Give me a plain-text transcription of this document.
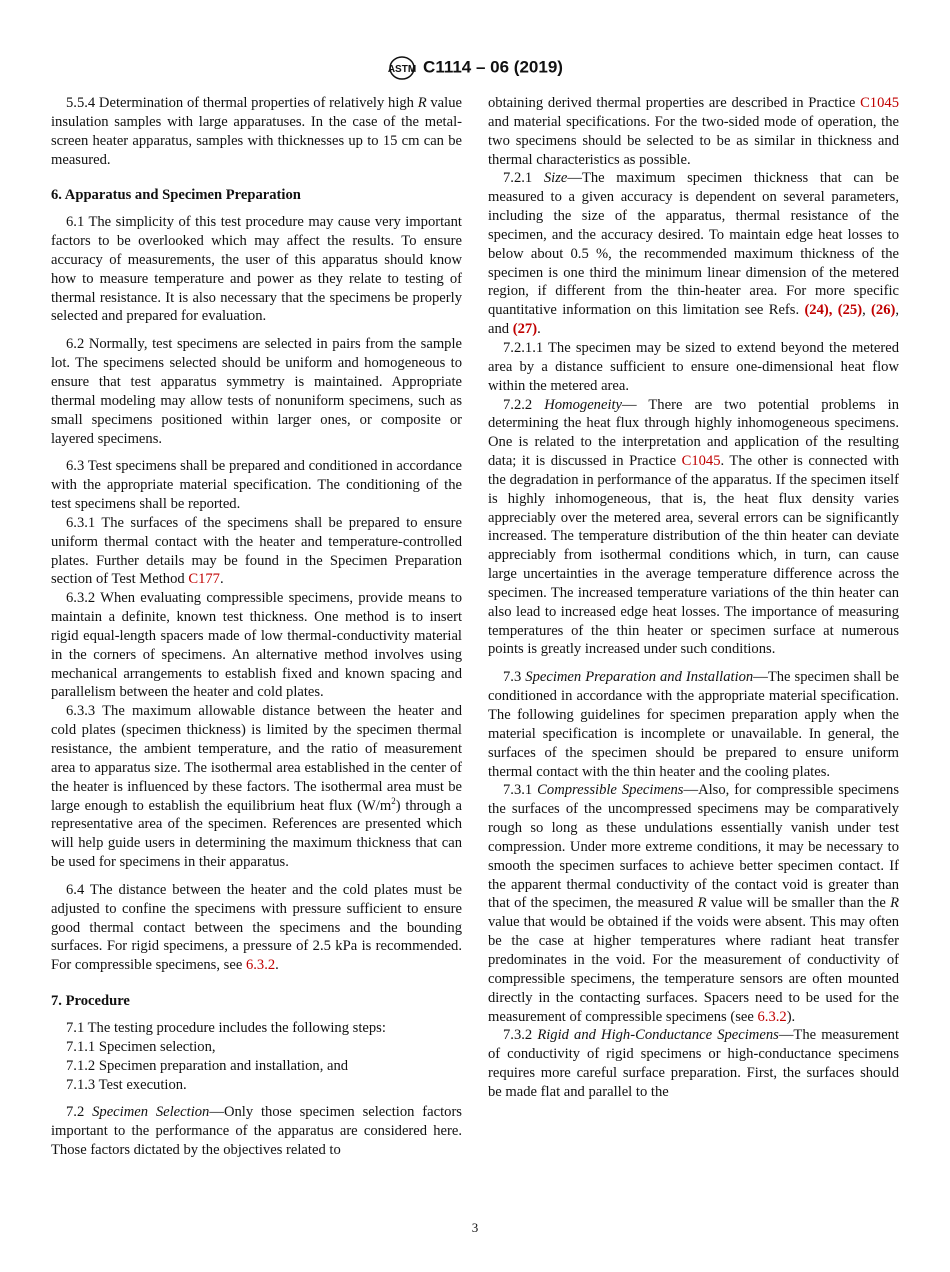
ASTM C1114 – 06 (2019)

5.5.4 Determination of thermal properties of relatively high R value insulation samples with large apparatuses. In the case of the metal-screen heater apparatus, samples with thicknesses up to 15 cm can be measured.

6. Apparatus and Specimen Preparation

6.1 The simplicity of this test procedure may cause very important factors to be overlooked which may affect the results. To ensure accuracy of measurements, the user of this apparatus should know how to measure temperature and power as they relate to testing of thermal resistance. It is also necessary that the specimens be properly selected and prepared for evaluation.

6.2 Normally, test specimens are selected in pairs from the sample lot. The specimens selected should be uniform and homogeneous to ensure that test apparatus symmetry is maintained. Appropriate thermal modeling may allow tests of nonuniform specimens, such as small specimens positioned within larger ones, or composite or layered specimens.

6.3 Test specimens shall be prepared and conditioned in accordance with the appropriate material specification. The conditioning of the test specimens shall be reported.

6.3.1 The surfaces of the specimens shall be prepared to ensure uniform thermal contact with the heater and temperature-controlled plates. Further details may be found in the Specimen Preparation section of Test Method C177.

6.3.2 When evaluating compressible specimens, provide means to maintain a definite, known test thickness. One method is to insert rigid equal-length spacers made of low thermal-conductivity material in the corners of specimens. An alternative method involves using mechanical arrangements to establish fixed and known spacing and parallelism between the heater and cold plates.

6.3.3 The maximum allowable distance between the heater and cold plates (specimen thickness) is limited by the specimen thermal resistance, the ambient temperature, and the ratio of measurement area to apparatus size. The isothermal area established in the center of the heater is influenced by these factors. The isothermal area must be large enough to establish the equilibrium heat flux $(W/m^2)$ through a representative area of the specimen. References are presented which will help guide users in determining the maximum thickness that can be used for specimens in their apparatus.

6.4 The distance between the heater and the cold plates must be adjusted to confine the specimens with pressure sufficient to ensure good thermal contact between the specimens and the bounding surfaces. For rigid specimens, a pressure of 2.5 kPa is recommended. For compressible specimens, see 6.3.2.

7. Procedure

7.1 The testing procedure includes the following steps:

7.1.1 Specimen selection,

7.1.2 Specimen preparation and installation, and

7.1.3 Test execution.

7.2 Specimen Selection—Only those specimen selection factors important to the performance of the apparatus are considered here. Those factors dictated by the objectives related to

obtaining derived thermal properties are described in Practice C1045 and material specifications. For the two-sided mode of operation, the two specimens should be selected to be as similar in thickness and thermal characteristics as possible.

7.2.1 Size—The maximum specimen thickness that can be measured to a given accuracy is dependent on several parameters, including the size of the apparatus, thermal resistance of the specimen, and the accuracy desired. To maintain edge heat losses to below about 0.5 %, the recommended maximum thickness of the specimen is one third the minimum linear dimension of the metered region, if different from the thin-heater area. For more specific quantitative information on this limitation see Refs. (24), (25), (26), and (27).

7.2.1.1 The specimen may be sized to extend beyond the metered area by a distance sufficient to ensure one-dimensional heat flow within the metered area.

7.2.2 Homogeneity— There are two potential problems in determining the heat flux through highly inhomogeneous specimens. One is related to the interpretation and application of the resulting data; it is discussed in Practice C1045. The other is connected with the degradation in performance of the apparatus. If the specimen itself is highly inhomogeneous, that is, the heat flux density varies appreciably over the metered area, several errors can be significantly increased. The temperature distribution of the thin heater can deviate appreciably from isothermal conditions which, in turn, can cause large uncertainties in the average temperature difference across the specimen. The increased temperature variations of the thin heater can also lead to increased edge heat losses. The importance of measuring temperatures of the thin heater or specimen surface at numerous points is greatly increased under such conditions.

7.3 Specimen Preparation and Installation—The specimen shall be conditioned in accordance with the appropriate material specification. The following guidelines for specimen preparation apply when the material specification is incomplete or unavailable. In general, the surfaces of the specimen should be prepared to ensure uniform thermal contact with the thin heater and the cooling plates.

7.3.1 Compressible Specimens—Also, for compressible specimens the surfaces of the uncompressed specimens may be comparatively rough so long as these undulations essentially vanish under test compression. Under more extreme conditions, it may be necessary to smooth the specimen surfaces to achieve better specimen contact. If the apparent thermal conductivity of the contact void is greater than that of the specimen, the measured R value will be smaller than the R value that would be obtained if the voids were absent. This may often be the case at higher temperatures where radiant heat transfer predominates in the void. For the measurement of conductivity of compressible specimens, the temperature sensors are often mounted directly in the contacting surfaces. Spacers need to be used for the measurement of compressible specimens (see 6.3.2).

7.3.2 Rigid and High-Conductance Specimens—The measurement of conductivity of rigid specimens or high-conductance specimens requires more careful surface preparation. First, the surfaces should be made flat and parallel to the

3
